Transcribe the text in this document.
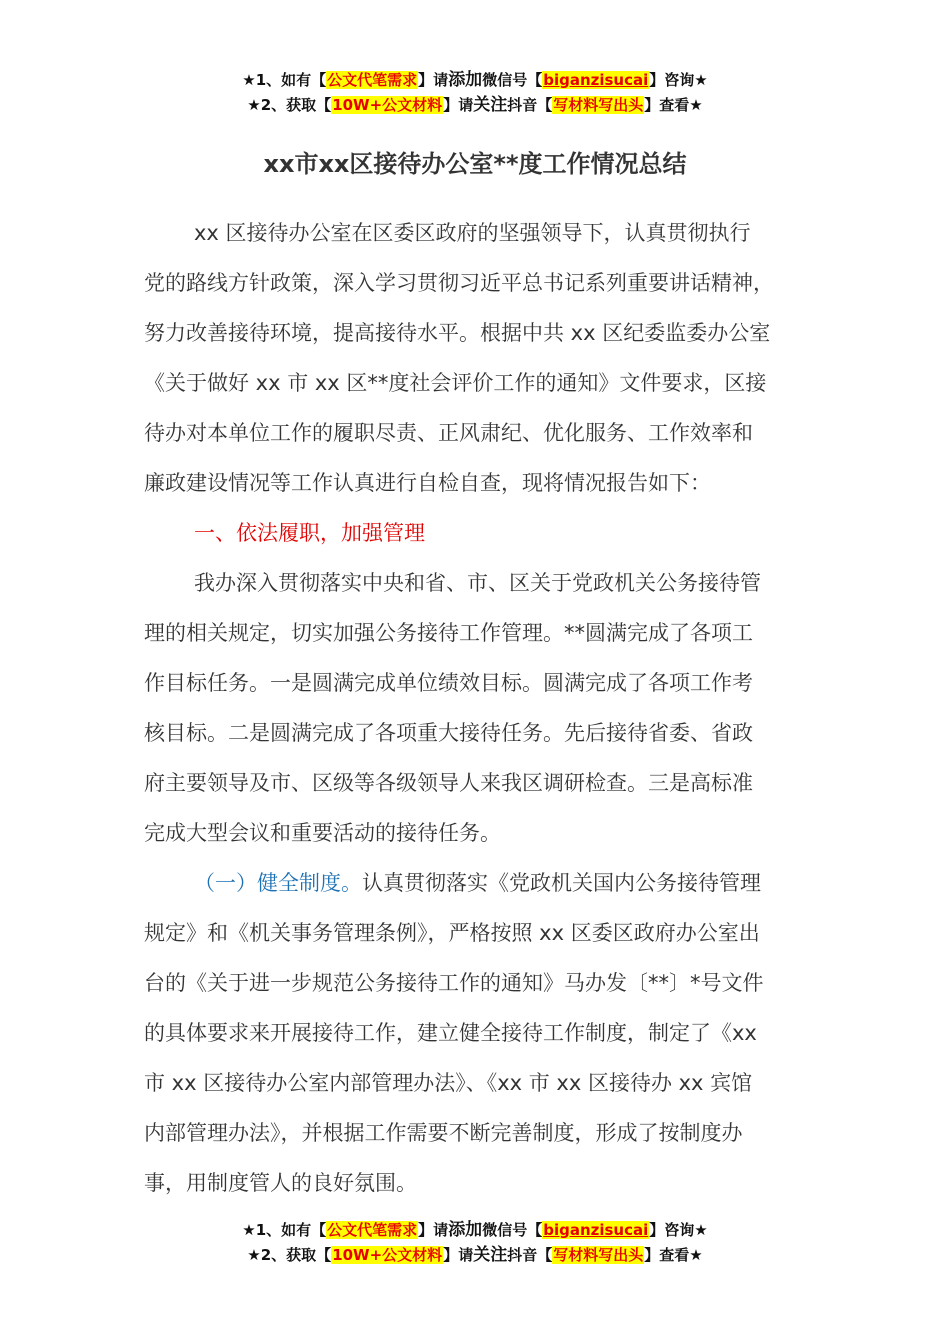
★1、如有【公文代笔需求】请添加微信号【biganzisucai】咨询★
★2、获取【10W+公文材料】请关注抖音【写材料写出头】查看★
xx市xx区接待办公室**度工作情况总结
xx 区接待办公室在区委区政府的坚强领导下，认真贯彻执行
党的路线方针政策，深入学习贯彻习近平总书记系列重要讲话精神，
努力改善接待环境，提高接待水平。根据中共 xx 区纪委监委办公室
《关于做好 xx 市 xx 区**度社会评价工作的通知》文件要求，区接
待办对本单位工作的履职尽责、正风肃纪、优化服务、工作效率和
廉政建设情况等工作认真进行自检自查，现将情况报告如下：
一、依法履职，加强管理
我办深入贯彻落实中央和省、市、区关于党政机关公务接待管
理的相关规定，切实加强公务接待工作管理。**圆满完成了各项工
作目标任务。一是圆满完成单位绩效目标。圆满完成了各项工作考
核目标。二是圆满完成了各项重大接待任务。先后接待省委、省政
府主要领导及市、区级等各级领导人来我区调研检查。三是高标准
完成大型会议和重要活动的接待任务。
（一）健全制度。认真贯彻落实《党政机关国内公务接待管理
规定》和《机关事务管理条例》，严格按照 xx 区委区政府办公室出
台的《关于进一步规范公务接待工作的通知》马办发〔**〕*号文件
的具体要求来开展接待工作，建立健全接待工作制度，制定了《xx
市 xx 区接待办公室内部管理办法》、《xx 市 xx 区接待办 xx 宾馆
内部管理办法》，并根据工作需要不断完善制度，形成了按制度办
事，用制度管人的良好氛围。
★1、如有【公文代笔需求】请添加微信号【biganzisucai】咨询★
★2、获取【10W+公文材料】请关注抖音【写材料写出头】查看★
